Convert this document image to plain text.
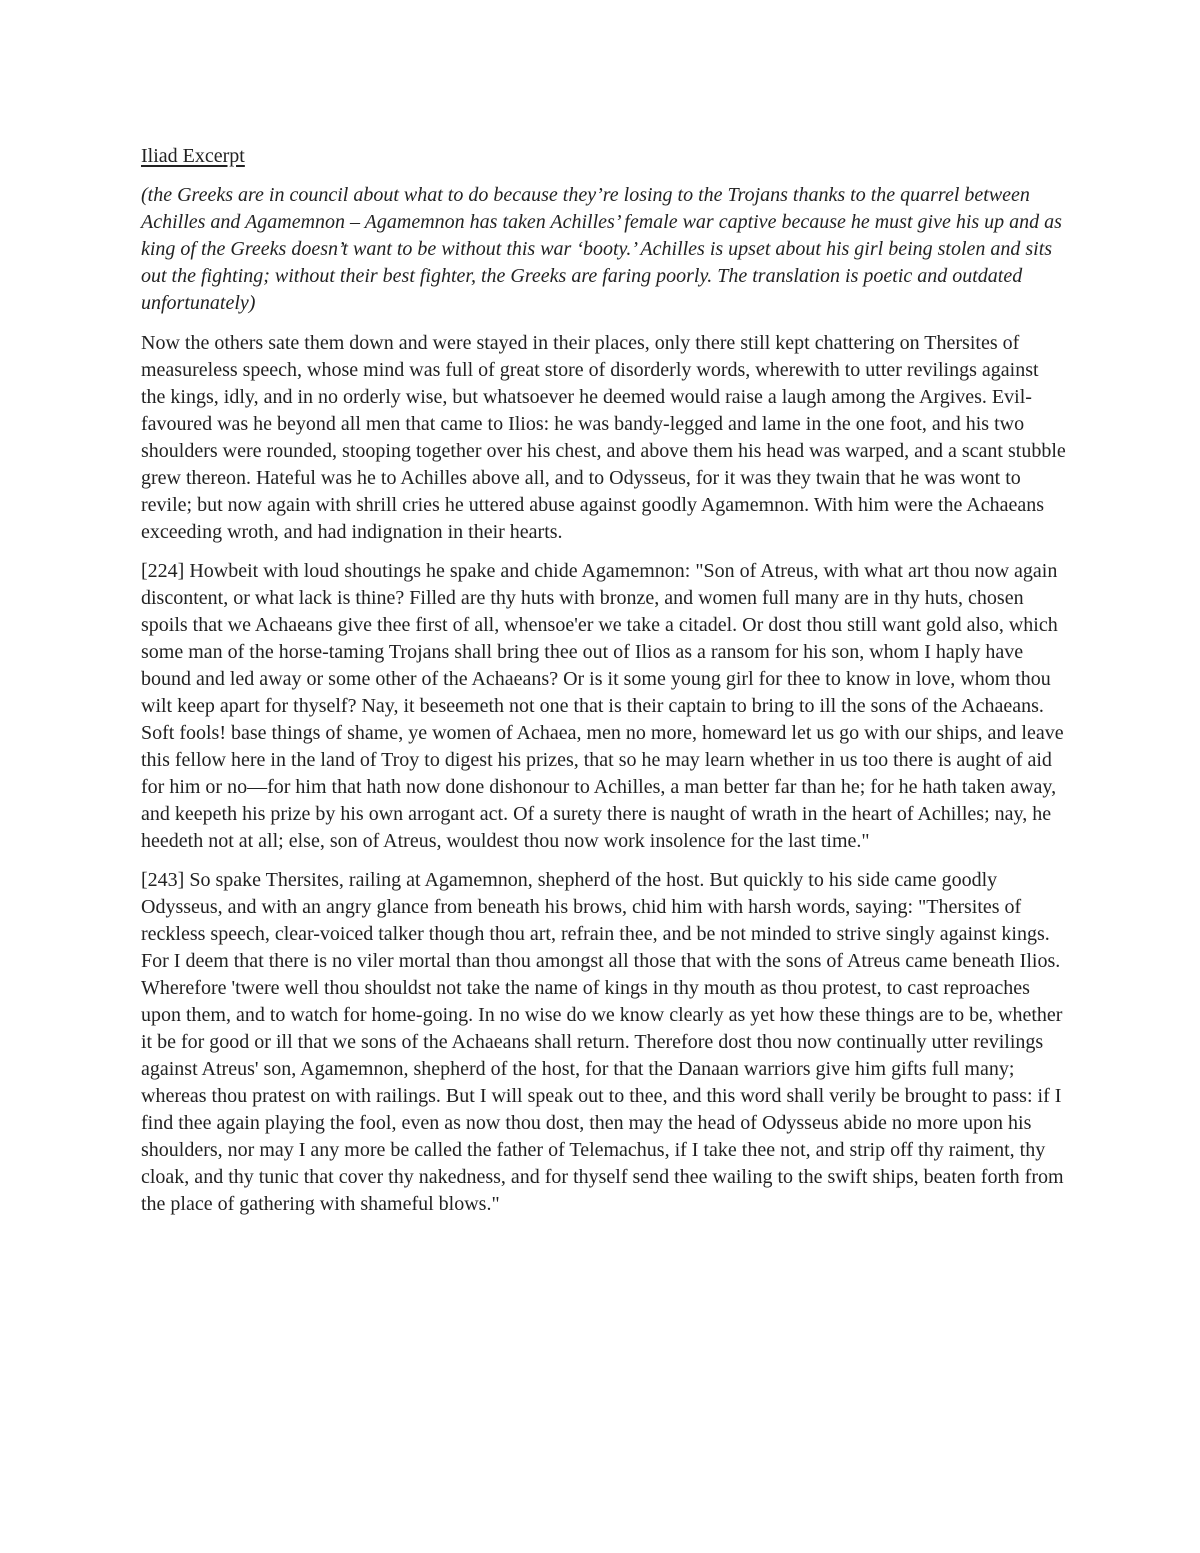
Iliad Excerpt

(the Greeks are in council about what to do because they’re losing to the Trojans thanks to the quarrel between Achilles and Agamemnon – Agamemnon has taken Achilles’ female war captive because he must give his up and as king of the Greeks doesn’t want to be without this war ‘booty.’ Achilles is upset about his girl being stolen and sits out the fighting; without their best fighter, the Greeks are faring poorly. The translation is poetic and outdated unfortunately)

Now the others sate them down and were stayed in their places, only there still kept chattering on Thersites of measureless speech, whose mind was full of great store of disorderly words, wherewith to utter revilings against the kings, idly, and in no orderly wise, but whatsoever he deemed would raise a laugh among the Argives. Evil-favoured was he beyond all men that came to Ilios: he was bandy-legged and lame in the one foot, and his two shoulders were rounded, stooping together over his chest, and above them his head was warped, and a scant stubble grew thereon. Hateful was he to Achilles above all, and to Odysseus, for it was they twain that he was wont to revile; but now again with shrill cries he uttered abuse against goodly Agamemnon. With him were the Achaeans exceeding wroth, and had indignation in their hearts.

[224] Howbeit with loud shoutings he spake and chide Agamemnon: "Son of Atreus, with what art thou now again discontent, or what lack is thine? Filled are thy huts with bronze, and women full many are in thy huts, chosen spoils that we Achaeans give thee first of all, whensoe'er we take a citadel. Or dost thou still want gold also, which some man of the horse-taming Trojans shall bring thee out of Ilios as a ransom for his son, whom I haply have bound and led away or some other of the Achaeans? Or is it some young girl for thee to know in love, whom thou wilt keep apart for thyself? Nay, it beseemeth not one that is their captain to bring to ill the sons of the Achaeans. Soft fools! base things of shame, ye women of Achaea, men no more, homeward let us go with our ships, and leave this fellow here in the land of Troy to digest his prizes, that so he may learn whether in us too there is aught of aid for him or no—for him that hath now done dishonour to Achilles, a man better far than he; for he hath taken away, and keepeth his prize by his own arrogant act. Of a surety there is naught of wrath in the heart of Achilles; nay, he heedeth not at all; else, son of Atreus, wouldest thou now work insolence for the last time."

[243] So spake Thersites, railing at Agamemnon, shepherd of the host. But quickly to his side came goodly Odysseus, and with an angry glance from beneath his brows, chid him with harsh words, saying: "Thersites of reckless speech, clear-voiced talker though thou art, refrain thee, and be not minded to strive singly against kings. For I deem that there is no viler mortal than thou amongst all those that with the sons of Atreus came beneath Ilios. Wherefore 'twere well thou shouldst not take the name of kings in thy mouth as thou protest, to cast reproaches upon them, and to watch for home-going. In no wise do we know clearly as yet how these things are to be, whether it be for good or ill that we sons of the Achaeans shall return. Therefore dost thou now continually utter revilings against Atreus' son, Agamemnon, shepherd of the host, for that the Danaan warriors give him gifts full many; whereas thou pratest on with railings. But I will speak out to thee, and this word shall verily be brought to pass: if I find thee again playing the fool, even as now thou dost, then may the head of Odysseus abide no more upon his shoulders, nor may I any more be called the father of Telemachus, if I take thee not, and strip off thy raiment, thy cloak, and thy tunic that cover thy nakedness, and for thyself send thee wailing to the swift ships, beaten forth from the place of gathering with shameful blows."
